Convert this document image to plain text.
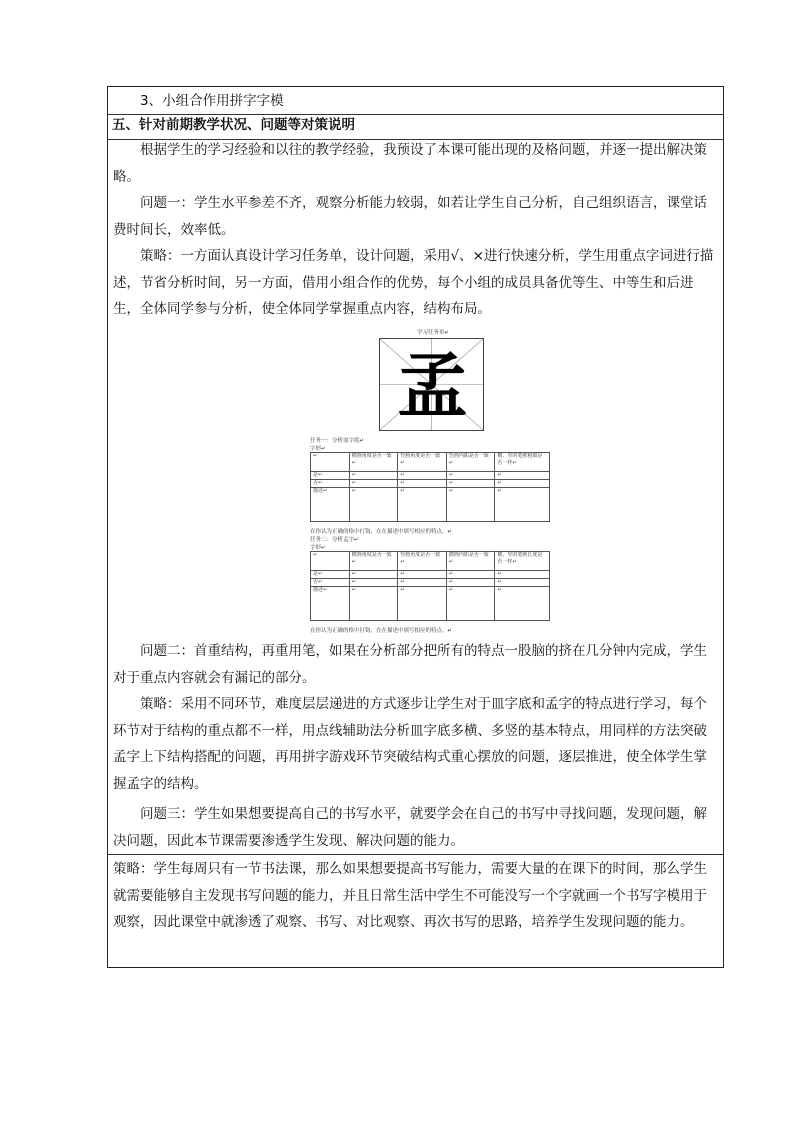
3、小组合作用拼字字模

五、针对前期教学状况、问题等对策说明

根据学生的学习经验和以往的教学经验，我预设了本课可能出现的及格问题，并逐一提出解决策略。

问题一：学生水平参差不齐，观察分析能力较弱，如若让学生自己分析，自己组织语言，课堂话费时间长，效率低。

策略：一方面认真设计学习任务单，设计问题，采用√、×进行快速分析，学生用重点字词进行描述，节省分析时间，另一方面，借用小组合作的优势，每个小组的成员具备优等生、中等生和后进生，全体同学参与分析，使全体同学掌握重点内容，结构布局。

学习任务单↵
孟
任务一：分析皿字底↵
字形↵
↵	横画角度是否一致↵	竖画角度是否一致↵	竖画内陷是否一致↵	横、竖的笔画粗细是否一样↵
是↵	↵	↵	↵	↵
否↵	↵	↵	↵	↵
描述↵	↵	↵	↵	↵
在你认为正确的格中打钩，在在描述中填写相应的特点。↵
任务二：分析孟字↵
字形↵
↵	横画角度是否一致↵	竖画角度是否一致↵	横画内陷是否一致↵	横、竖的笔画长度是否一样↵
是↵	↵	↵	↵	↵
否↵	↵	↵	↵	↵
描述↵	↵	↵	↵	↵
在你认为正确的格中打钩，在在描述中填写相应的特点。↵

问题二：首重结构，再重用笔，如果在分析部分把所有的特点一股脑的挤在几分钟内完成，学生对于重点内容就会有漏记的部分。

策略：采用不同环节，难度层层递进的方式逐步让学生对于皿字底和孟字的特点进行学习，每个环节对于结构的重点都不一样，用点线辅助法分析皿字底多横、多竖的基本特点，用同样的方法突破孟字上下结构搭配的问题，再用拼字游戏环节突破结构式重心摆放的问题，逐层推进，使全体学生掌握孟字的结构。

问题三：学生如果想要提高自己的书写水平，就要学会在自己的书写中寻找问题，发现问题，解决问题，因此本节课需要渗透学生发现、解决问题的能力。

策略：学生每周只有一节书法课，那么如果想要提高书写能力，需要大量的在课下的时间，那么学生就需要能够自主发现书写问题的能力，并且日常生活中学生不可能没写一个字就画一个书写字模用于观察，因此课堂中就渗透了观察、书写、对比观察、再次书写的思路，培养学生发现问题的能力。
